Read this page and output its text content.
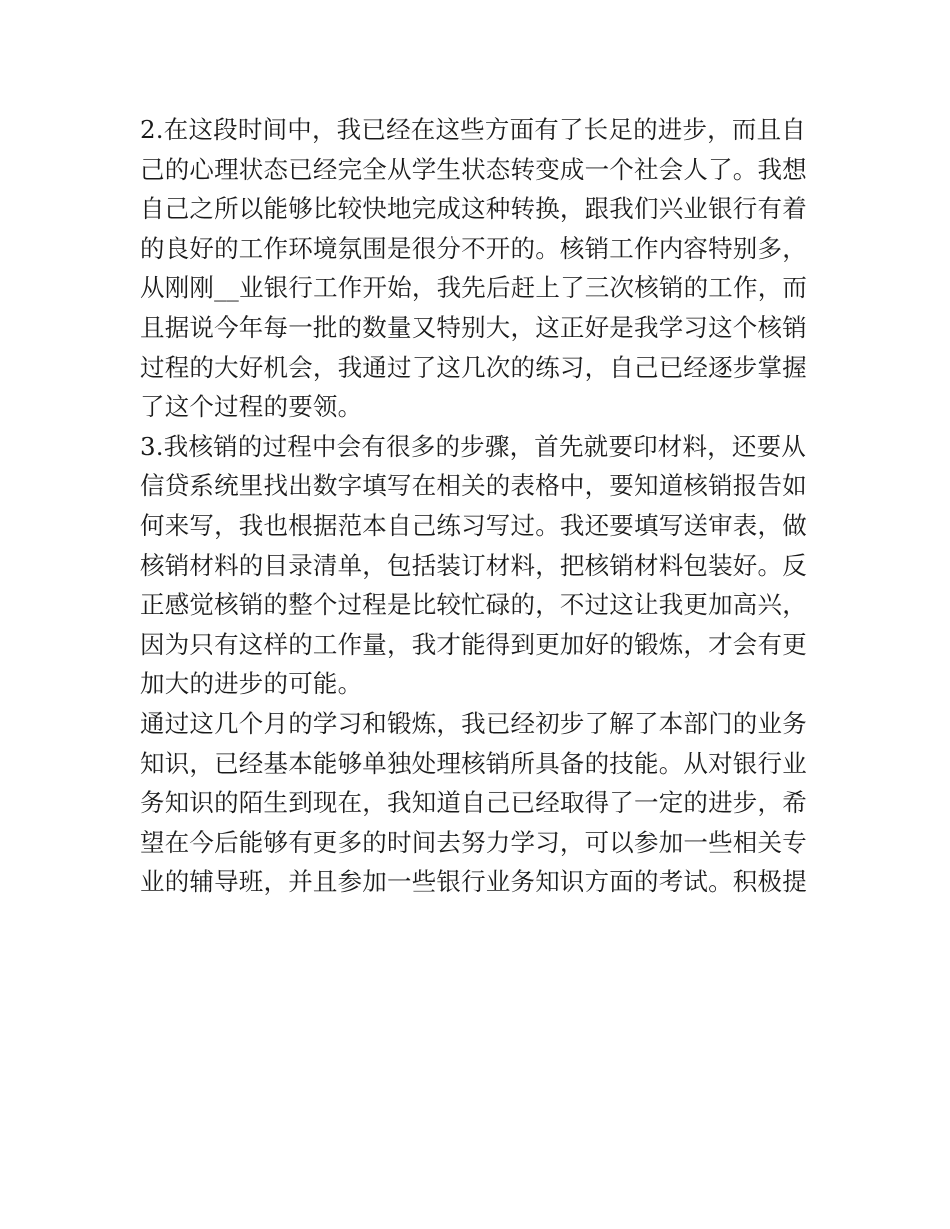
2.在这段时间中，我已经在这些方面有了长足的进步，而且自
己的心理状态已经完全从学生状态转变成一个社会人了。我想
自己之所以能够比较快地完成这种转换，跟我们兴业银行有着
的良好的工作环境氛围是很分不开的。核销工作内容特别多，
从刚刚__业银行工作开始，我先后赶上了三次核销的工作，而
且据说今年每一批的数量又特别大，这正好是我学习这个核销
过程的大好机会，我通过了这几次的练习，自己已经逐步掌握
了这个过程的要领。
3.我核销的过程中会有很多的步骤，首先就要印材料，还要从
信贷系统里找出数字填写在相关的表格中，要知道核销报告如
何来写，我也根据范本自己练习写过。我还要填写送审表，做
核销材料的目录清单，包括装订材料，把核销材料包装好。反
正感觉核销的整个过程是比较忙碌的，不过这让我更加高兴，
因为只有这样的工作量，我才能得到更加好的锻炼，才会有更
加大的进步的可能。
通过这几个月的学习和锻炼，我已经初步了解了本部门的业务
知识，已经基本能够单独处理核销所具备的技能。从对银行业
务知识的陌生到现在，我知道自己已经取得了一定的进步，希
望在今后能够有更多的时间去努力学习，可以参加一些相关专
业的辅导班，并且参加一些银行业务知识方面的考试。积极提
